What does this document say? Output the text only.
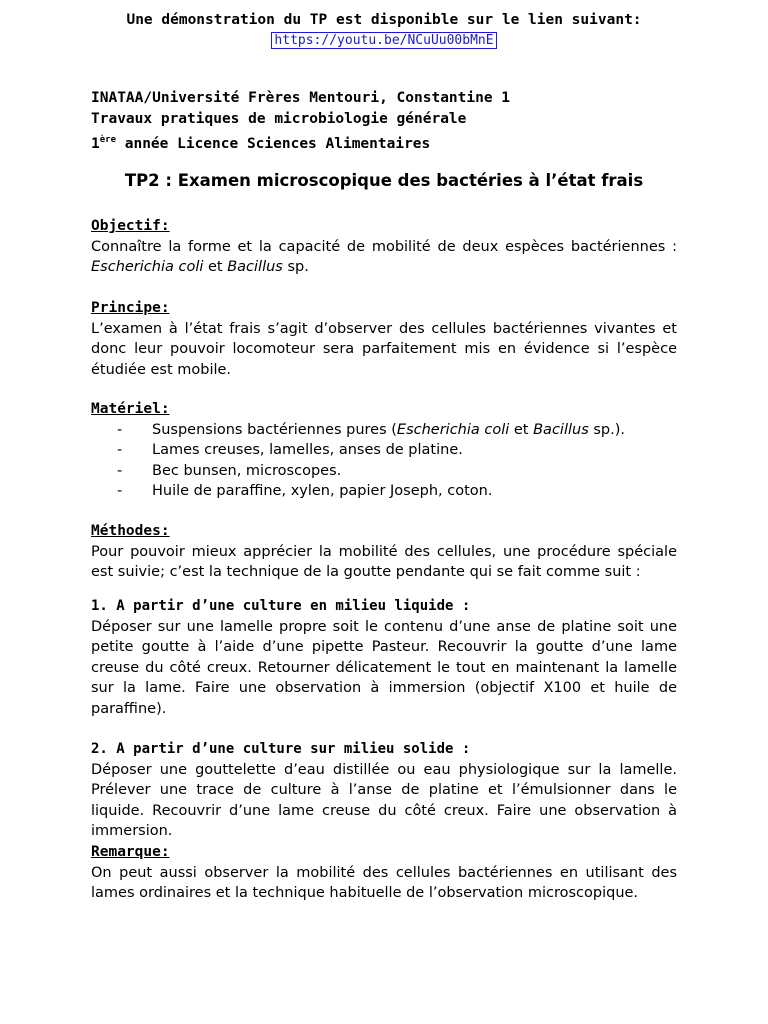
Une démonstration du TP est disponible sur le lien suivant:
https://youtu.be/NCuUu00bMnE
INATAA/Université Frères Mentouri, Constantine 1
Travaux pratiques de microbiologie générale
1ère année Licence Sciences Alimentaires
TP2 : Examen microscopique des bactéries à l’état frais
Objectif:
Connaître la forme et la capacité de mobilité de deux espèces bactériennes :
Escherichia coli et Bacillus sp.
Principe:
L’examen à l’état frais s’agit d’observer des cellules bactériennes vivantes et donc leur pouvoir locomoteur sera parfaitement mis en évidence si l’espèce étudiée est mobile.
Matériel:
- Suspensions bactériennes pures (Escherichia coli et Bacillus sp.).
- Lames creuses, lamelles, anses de platine.
- Bec bunsen, microscopes.
- Huile de paraffine, xylen, papier Joseph, coton.
Méthodes:
Pour pouvoir mieux apprécier la mobilité des cellules, une procédure spéciale est suivie; c’est la technique de la goutte pendante qui se fait comme suit :
1. A partir d’une culture en milieu liquide :
Déposer sur une lamelle propre soit le contenu d’une anse de platine soit une petite goutte à l’aide d’une pipette Pasteur. Recouvrir la goutte d’une lame creuse du côté creux. Retourner délicatement le tout en maintenant la lamelle sur la lame. Faire une observation à immersion (objectif X100 et huile de paraffine).
2. A partir d’une culture sur milieu solide :
Déposer une gouttelette d’eau distillée ou eau physiologique sur la lamelle. Prélever une trace de culture à l’anse de platine et l’émulsionner dans le liquide. Recouvrir d’une lame creuse du côté creux. Faire une observation à immersion.
Remarque:
On peut aussi observer la mobilité des cellules bactériennes en utilisant des lames ordinaires et la technique habituelle de l’observation microscopique.
